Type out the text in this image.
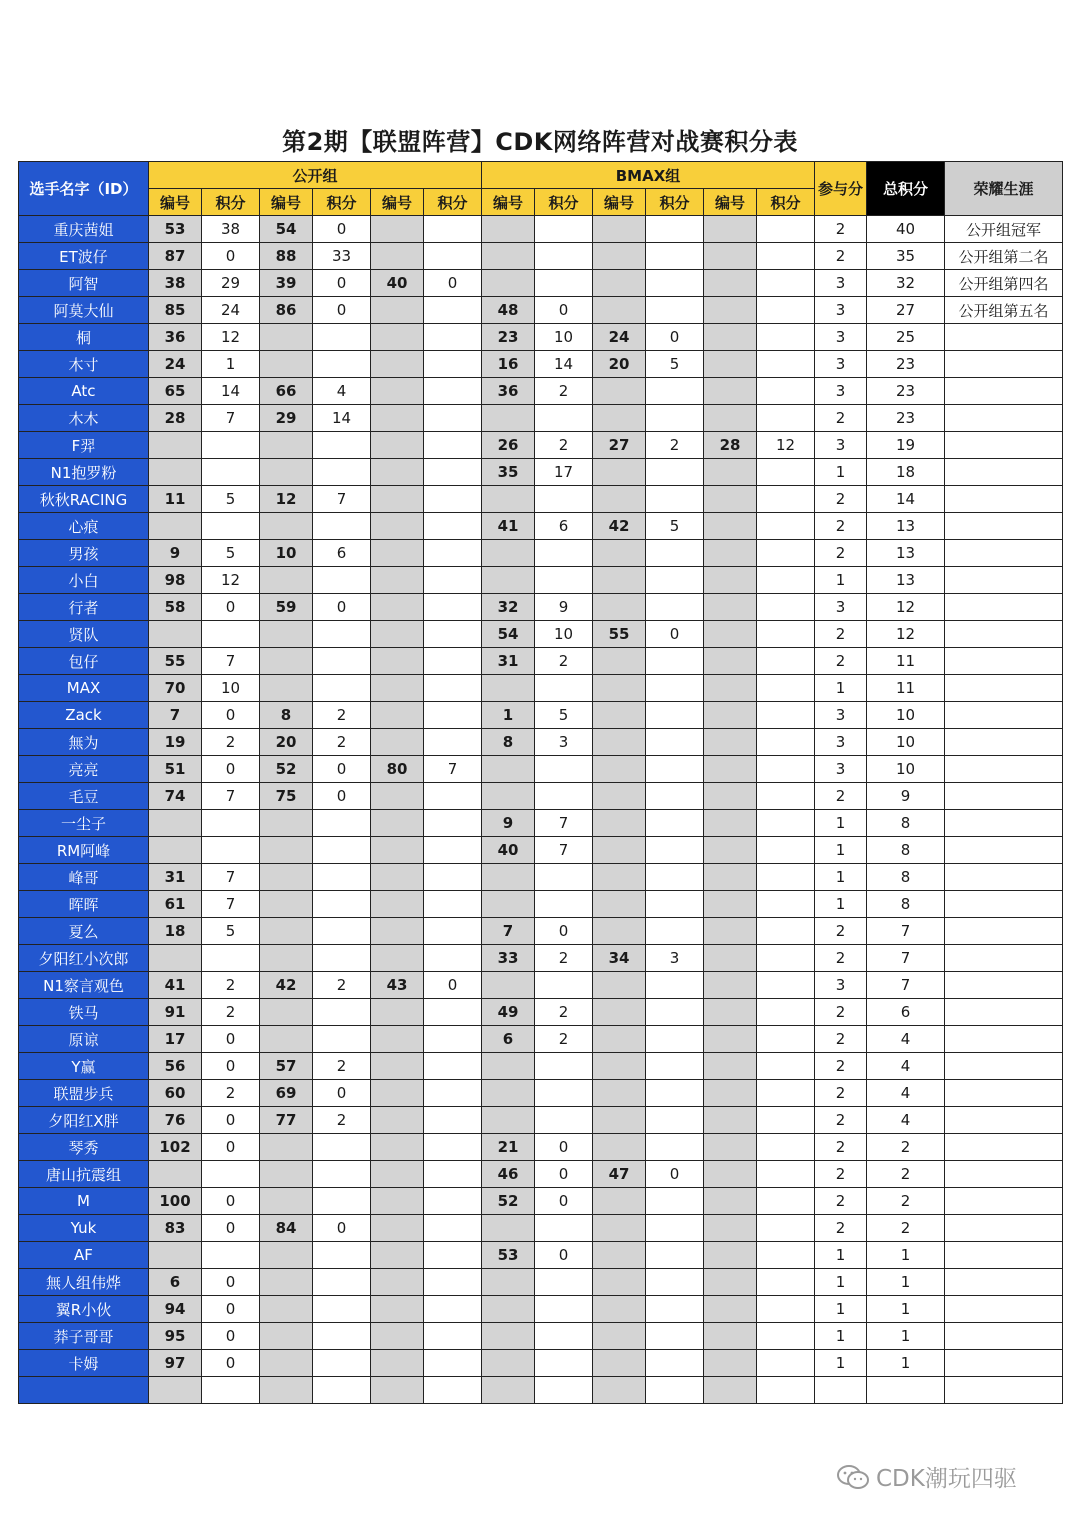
第2期【联盟阵营】CDK网络阵营对战赛积分表
选手名字（ID）	公开组						BMAX组						参与分	总积分	荣耀生涯
	编号	积分	编号	积分	编号	积分	编号	积分	编号	积分	编号	积分			
重庆茜姐	53	38	54	0									2	40	公开组冠军
ET波仔	87	0	88	33									2	35	公开组第二名
阿智	38	29	39	0	40	0							3	32	公开组第四名
阿莫大仙	85	24	86	0			48	0					3	27	公开组第五名
桐	36	12					23	10	24	0			3	25	
木寸	24	1					16	14	20	5			3	23	
Atc	65	14	66	4			36	2					3	23	
木木	28	7	29	14									2	23	
F羿							26	2	27	2	28	12	3	19	
N1抱罗粉							35	17					1	18	
秋秋RACING	11	5	12	7									2	14	
心痕							41	6	42	5			2	13	
男孩	9	5	10	6									2	13	
小白	98	12											1	13	
行者	58	0	59	0			32	9					3	12	
贤队							54	10	55	0			2	12	
包仔	55	7					31	2					2	11	
MAX	70	10											1	11	
Zack	7	0	8	2			1	5					3	10	
無为	19	2	20	2			8	3					3	10	
亮亮	51	0	52	0	80	7							3	10	
毛豆	74	7	75	0									2	9	
一尘子							9	7					1	8	
RM阿峰							40	7					1	8	
峰哥	31	7											1	8	
晖晖	61	7											1	8	
夏么	18	5					7	0					2	7	
夕阳红小次郎							33	2	34	3			2	7	
N1察言观色	41	2	42	2	43	0							3	7	
铁马	91	2					49	2					2	6	
原谅	17	0					6	2					2	4	
Y赢	56	0	57	2									2	4	
联盟步兵	60	2	69	0									2	4	
夕阳红X胖	76	0	77	2									2	4	
琴秀	102	0					21	0					2	2	
唐山抗震组							46	0	47	0			2	2	
M	100	0					52	0					2	2	
Yuk	83	0	84	0									2	2	
AF							53	0					1	1	
無人组伟烨	6	0											1	1	
翼R小伙	94	0											1	1	
莽子哥哥	95	0											1	1	
卡姆	97	0											1	1	

CDK潮玩四驱
